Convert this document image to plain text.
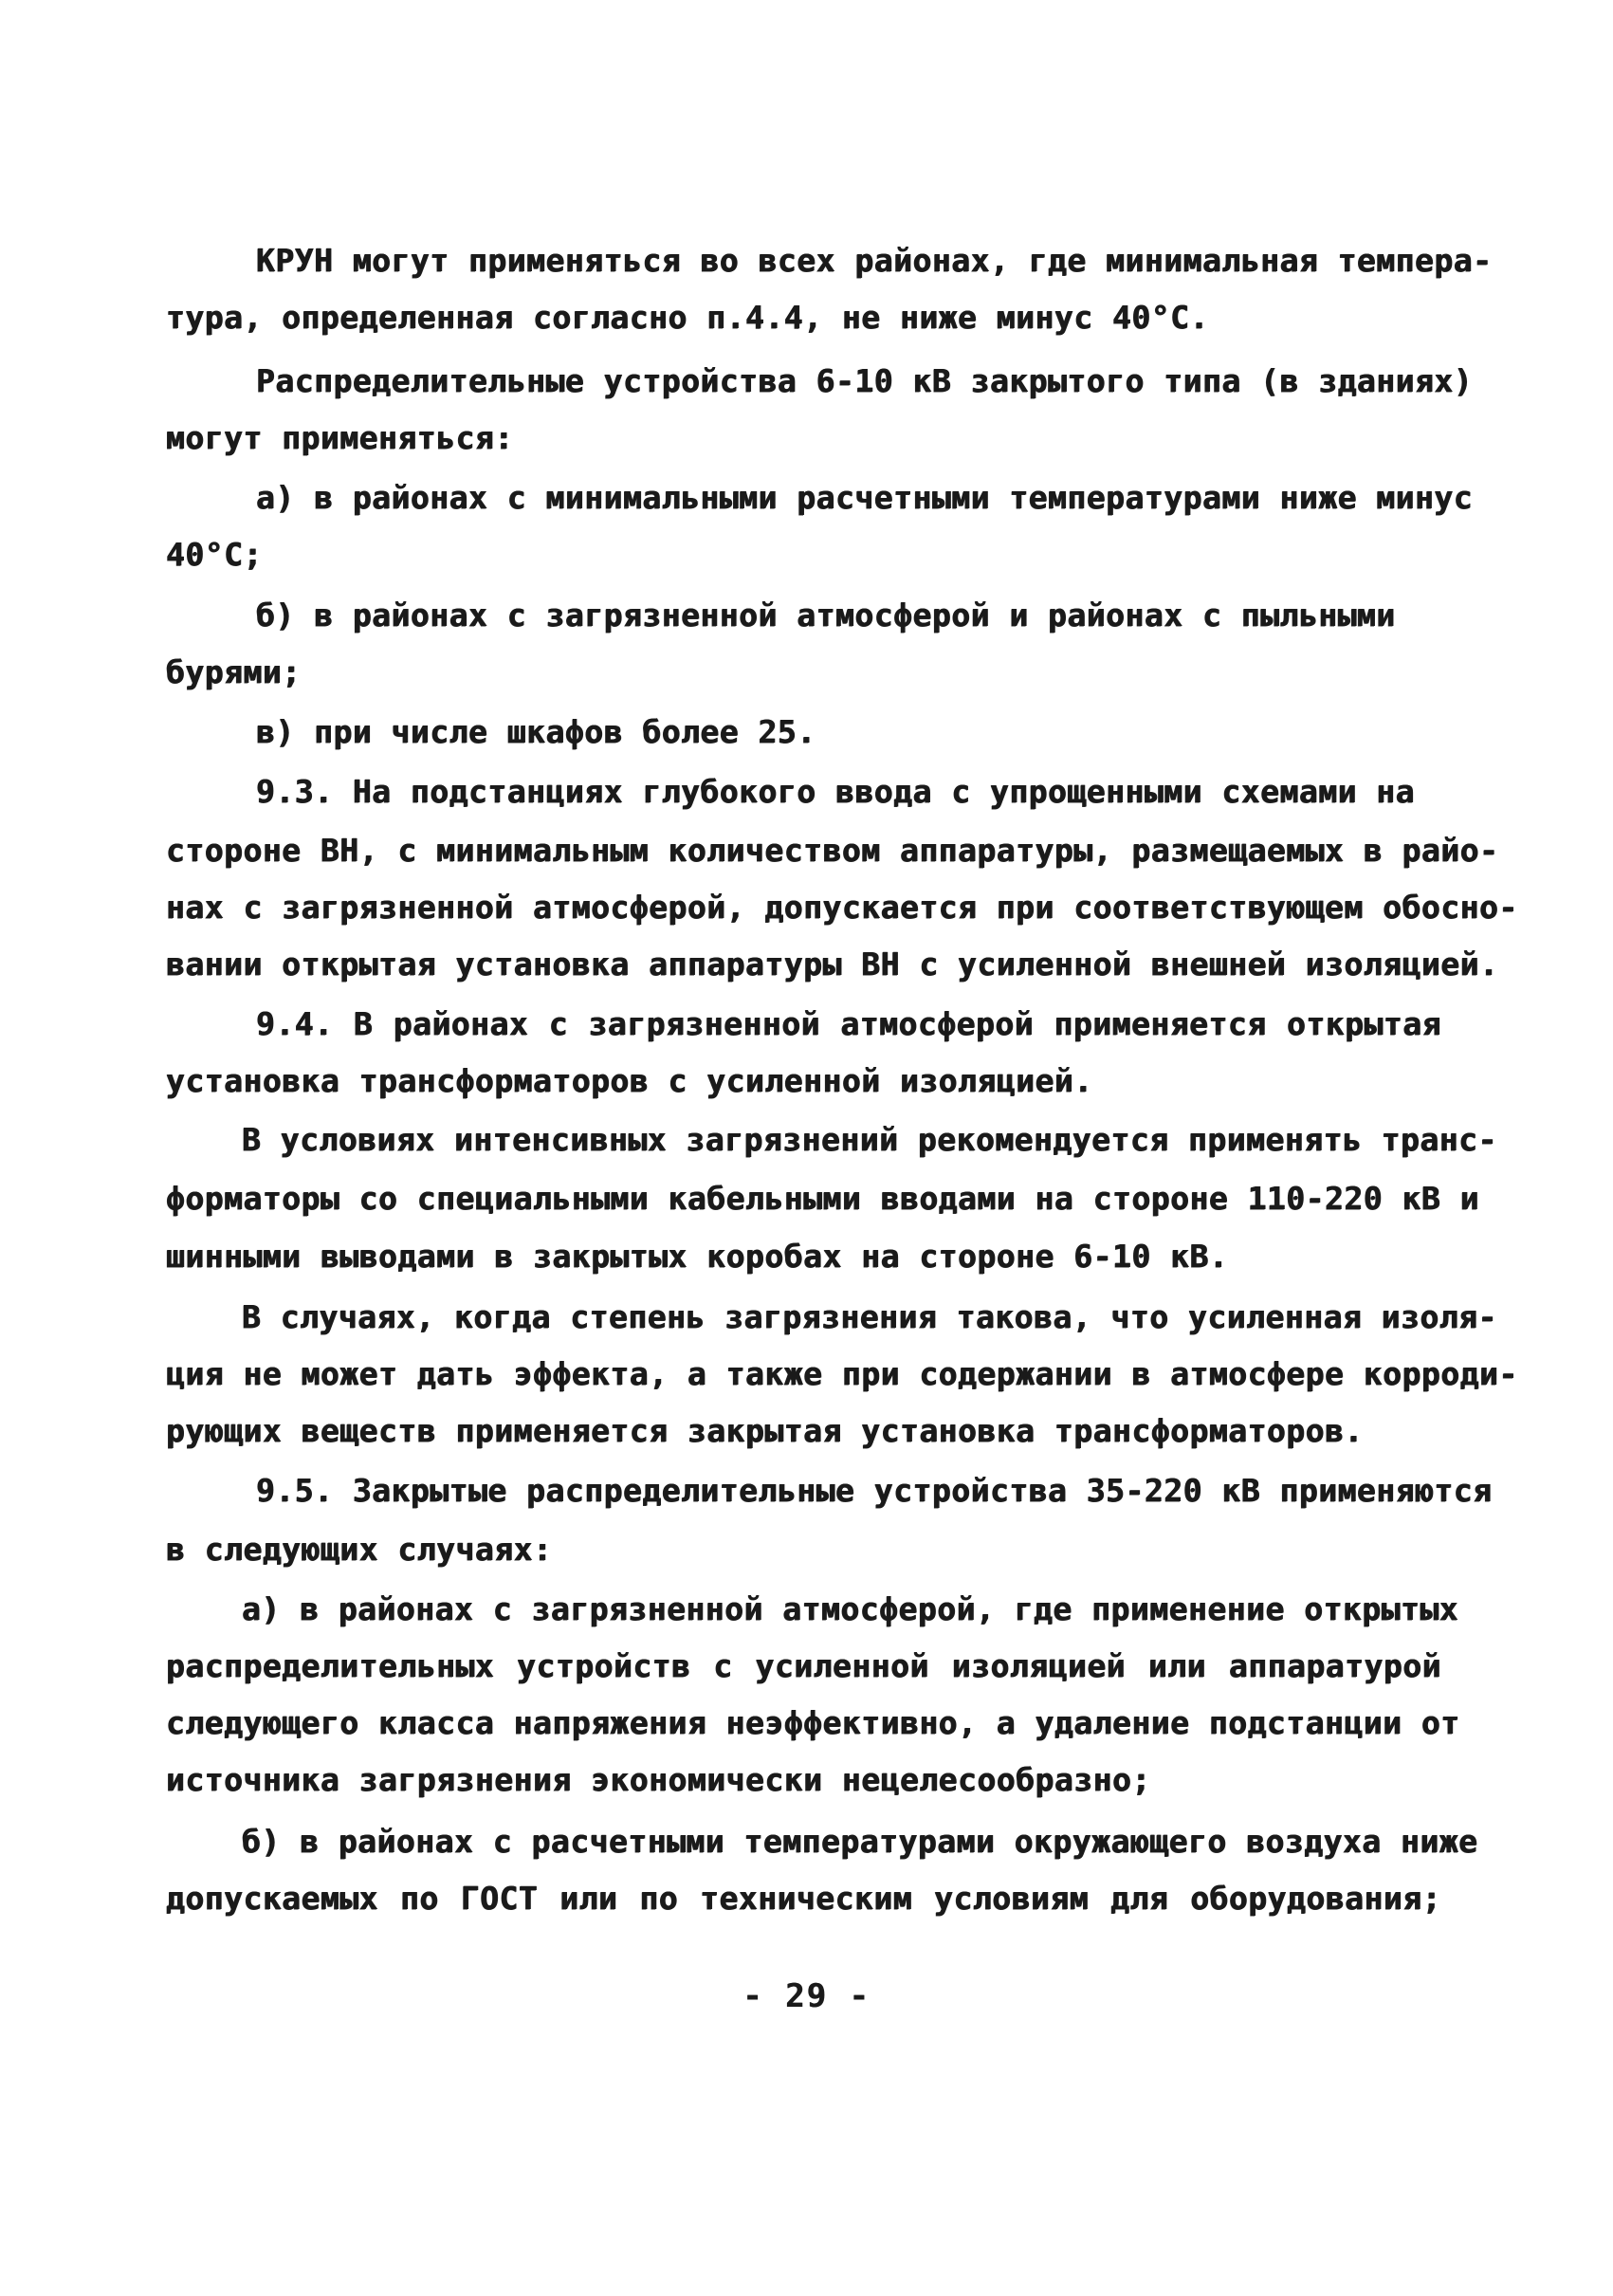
КРУН могут применяться во всех районах, где минимальная темпера-
тура, определенная согласно п.4.4, не ниже минус 40°С.
Распределительные устройства 6-10 кВ закрытого типа (в зданиях)
могут применяться:
а) в районах с минимальными расчетными температурами ниже минус
40°С;
б) в районах с загрязненной атмосферой и районах с пыльными
бурями;
в) при числе шкафов более 25.
9.3. На подстанциях глубокого ввода с упрощенными схемами на
стороне ВН, с минимальным количеством аппаратуры, размещаемых в райо-
нах с загрязненной атмосферой, допускается при соответствующем обосно-
вании открытая установка аппаратуры ВН с усиленной внешней изоляцией.
9.4. В районах с загрязненной атмосферой применяется открытая
установка трансформаторов с усиленной изоляцией.
В условиях интенсивных загрязнений рекомендуется применять транс-
форматоры со специальными кабельными вводами на стороне 110-220 кВ и
шинными выводами в закрытых коробах на стороне 6-10 кВ.
В случаях, когда степень загрязнения такова, что усиленная изоля-
ция не может дать эффекта, а также при содержании в атмосфере корроди-
рующих веществ применяется закрытая установка трансформаторов.
9.5. Закрытые распределительные устройства 35-220 кВ применяются
в следующих случаях:
а) в районах с загрязненной атмосферой, где применение открытых
распределительных устройств с усиленной изоляцией или аппаратурой
следующего класса напряжения неэффективно, а удаление подстанции от
источника загрязнения экономически нецелесообразно;
б) в районах с расчетными температурами окружающего воздуха ниже
допускаемых по ГОСТ или по техническим условиям для оборудования;
- 29 -
